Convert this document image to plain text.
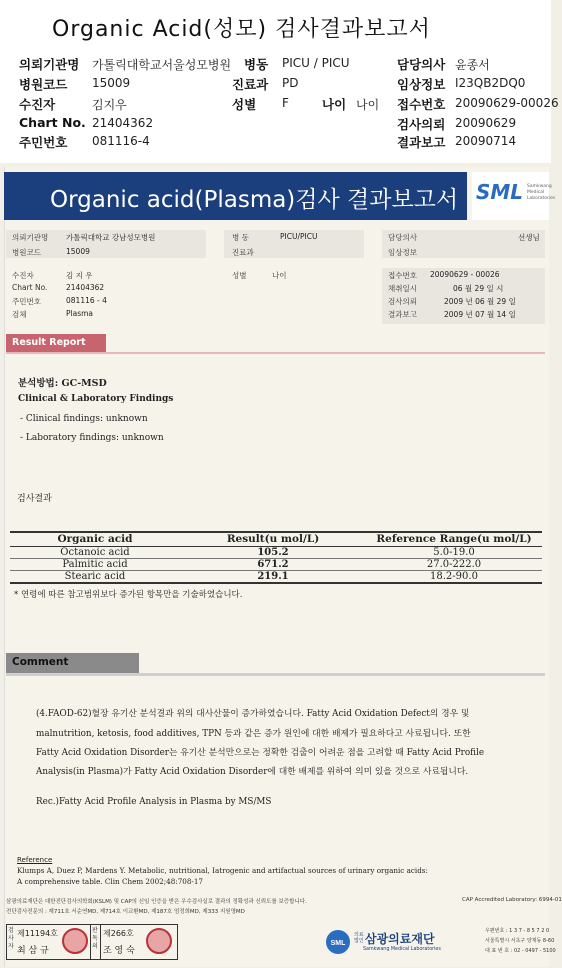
Organic Acid(성모) 검사결과보고서
의뢰기관명 가톨릭대학교서울성모병원 병동 PICU / PICU	담당의사 윤종서
병원코드 15009	진료과 PD	임상정보 I23QB2DQ0
수진자	김지우	성별 F	나이 나이 접수번호 20090629-00026
Chart No. 21404362	검사의뢰 20090629
주민번호 081116-4	결과보고 20090714
Organic acid(Plasma)검사 결과보고서 SML Samkwang Medical Laboratories
의뢰기관명 가톨릭대학교 강남성모병원	병 동	PICU/PICU	담당의사	선생님
병원코드	15009	진료과	임상정보
수진자	김 지 우	성별	나이	접수번호 20090629 - 00026
Chart No. 21404362	채취일시	06 월 29 일 시
주민번호	081116 - 4	검사의뢰	2009 년 06 월 29 일
검체	Plasma	결과보고	2009 년 07 월 14 일
Result Report
분석방법: GC-MSD
Clinical & Laboratory Findings
- Clinical findings: unknown
- Laboratory findings: unknown
검사결과
Organic acid	Result(u mol/L)	Reference Range(u mol/L)
Octanoic acid	105.2	5.0-19.0
Palmitic acid	671.2	27.0-222.0
Stearic acid	219.1	18.2-90.0
* 연령에 따른 참고범위보다 증가된 항목만을 기술하였습니다.
Comment
(4.FAOD-62)혈장 유기산 분석결과 위의 대사산물이 증가하였습니다. Fatty Acid Oxidation Defect의 경우 및
malnutrition, ketosis, food additives, TPN 등과 같은 증가 원인에 대한 배제가 필요하다고 사료됩니다. 또한
Fatty Acid Oxidation Disorder는 유기산 분석만으로는 정확한 검출이 어려운 점을 고려할 때 Fatty Acid Profile
Analysis(in Plasma)가 Fatty Acid Oxidation Disorder에 대한 배제를 위하여 의미 있을 것으로 사료됩니다.
Rec.)Fatty Acid Profile Analysis in Plasma by MS/MS
Reference
Klumps A, Duez P, Mardens Y. Metabolic, nutritional, Iatrogenic and artifactual sources of urinary organic acids:
A comprehensive table. Clin Chem 2002;48:708-17
삼광의료재단은 대한진단검사의학회(KSLM) 및 CAP의 신임 인증을 받은 우수검사실로 결과의 정확성과 신뢰도를 보증합니다.
전단검사전문의 : 제711호 서순연MD, 제714호 이교환MD, 제187호 엄정희MD, 제333 지원영MD
CAP Accredited Laboratory: 6994-01
검사자
제11194호
최 삼 규
판독의
제266호
조 영 숙
SML
의료법인 삼광의료재단
Samkwang Medical Laboratories
우편번호 : 1 3 7 - 8 5 7 2 0
서울특별시 서초구 양재동 8-60
대 표 번 호 : 02 - 0497 - 5100
